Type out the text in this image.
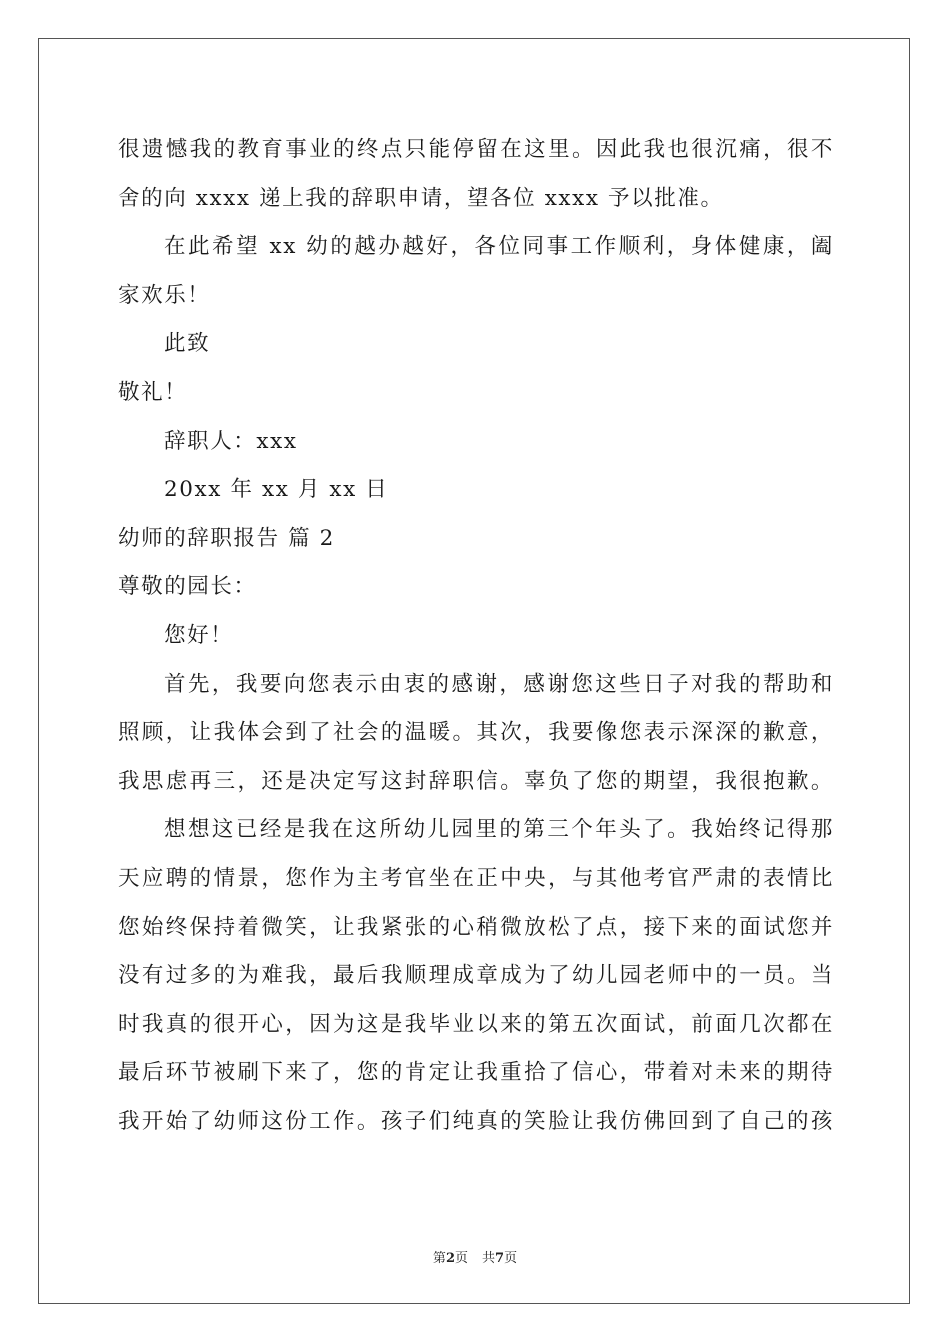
很遗憾我的教育事业的终点只能停留在这里。因此我也很沉痛，很不
舍的向 xxxx 递上我的辞职申请，望各位 xxxx 予以批准。
在此希望 xx 幼的越办越好，各位同事工作顺利，身体健康，阖
家欢乐！
此致
敬礼！
辞职人：xxx
20xx 年 xx 月 xx 日
幼师的辞职报告 篇 2
尊敬的园长：
您好！
首先，我要向您表示由衷的感谢，感谢您这些日子对我的帮助和
照顾，让我体会到了社会的温暖。其次，我要像您表示深深的歉意，
我思虑再三，还是决定写这封辞职信。辜负了您的期望，我很抱歉。
想想这已经是我在这所幼儿园里的第三个年头了。我始终记得那
天应聘的情景，您作为主考官坐在正中央，与其他考官严肃的表情比
您始终保持着微笑，让我紧张的心稍微放松了点，接下来的面试您并
没有过多的为难我，最后我顺理成章成为了幼儿园老师中的一员。当
时我真的很开心，因为这是我毕业以来的第五次面试，前面几次都在
最后环节被刷下来了，您的肯定让我重拾了信心，带着对未来的期待
我开始了幼师这份工作。孩子们纯真的笑脸让我仿佛回到了自己的孩
第2页 共7页
